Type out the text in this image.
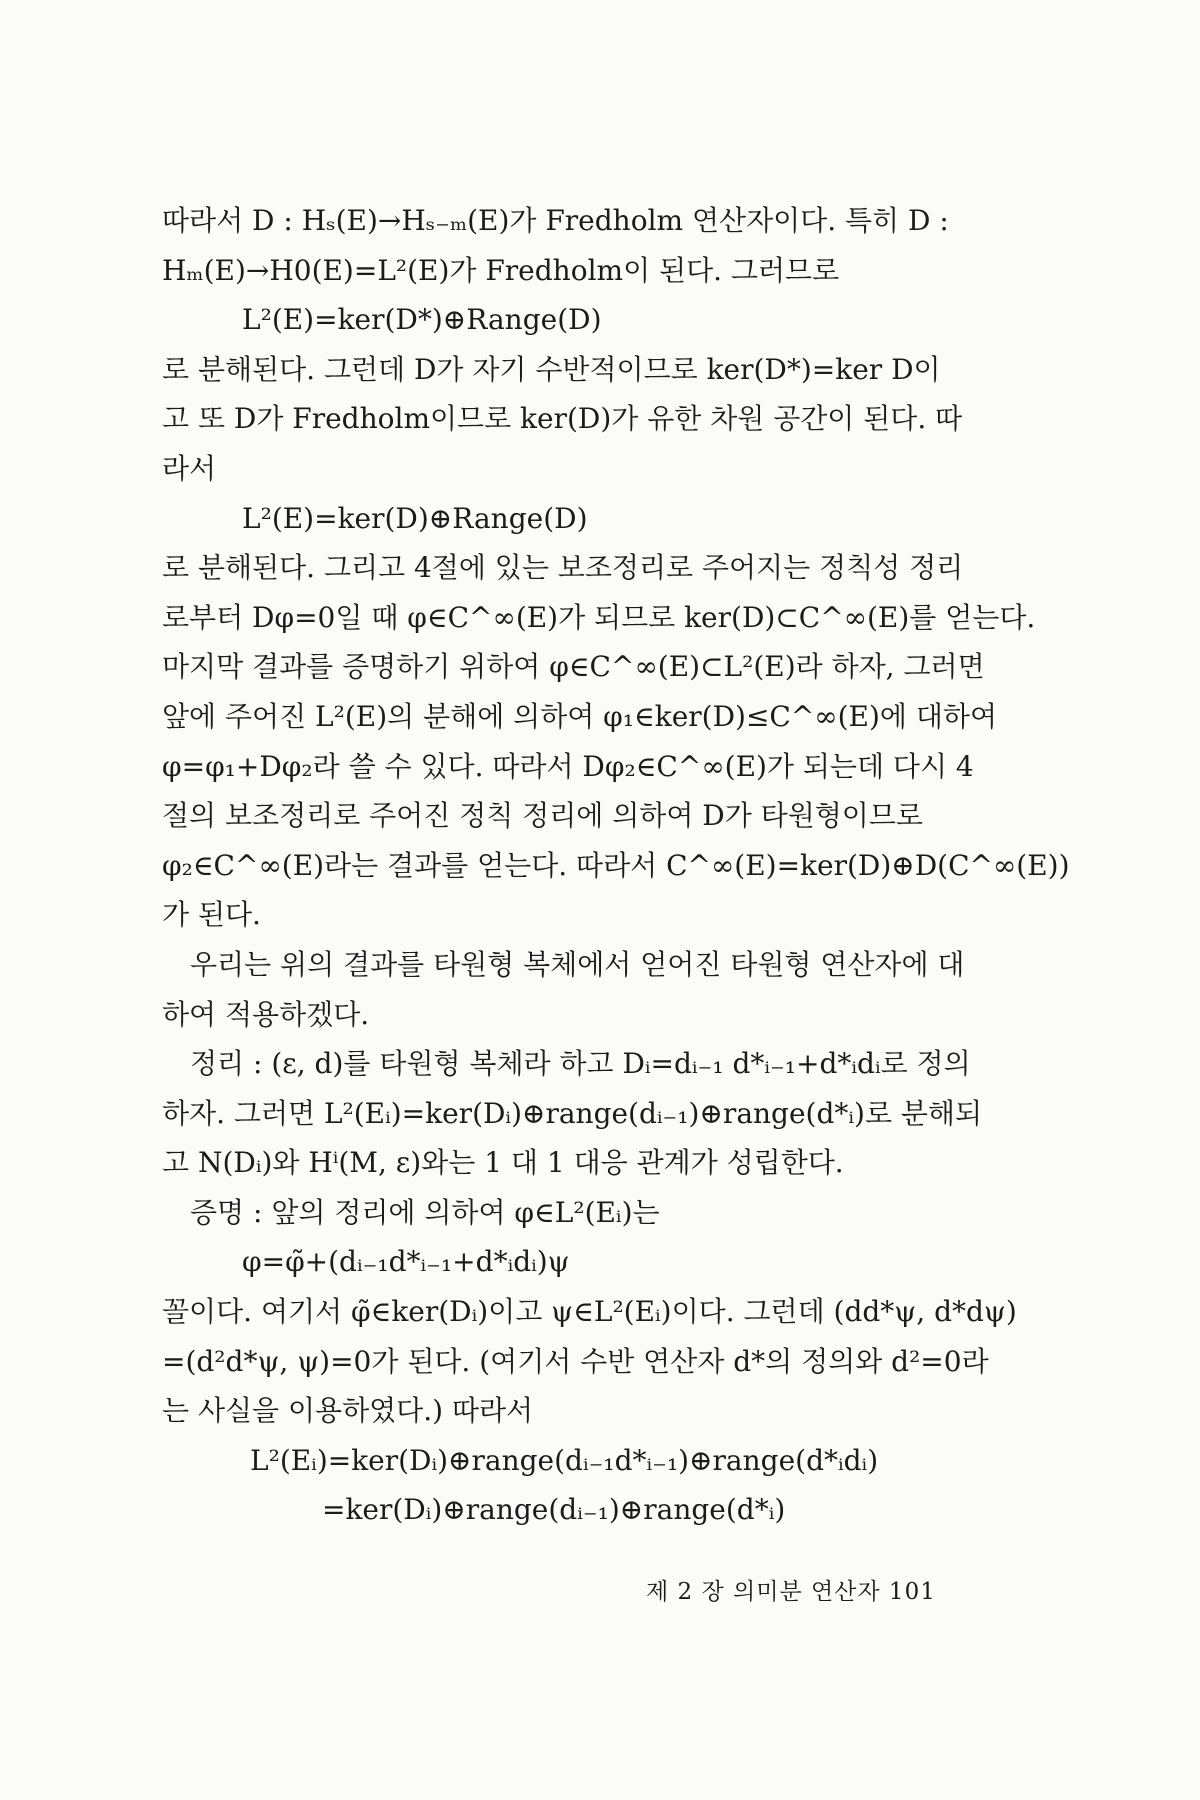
따라서 D : Hₛ(E)→Hₛ₋ₘ(E)가 Fredholm 연산자이다. 특히 D :
Hₘ(E)→H0(E)=L²(E)가 Fredholm이 된다. 그러므로
L²(E)=ker(D*)⊕Range(D)
로 분해된다. 그런데 D가 자기 수반적이므로 ker(D*)=ker D이
고 또 D가 Fredholm이므로 ker(D)가 유한 차원 공간이 된다. 따
라서
L²(E)=ker(D)⊕Range(D)
로 분해된다. 그리고 4절에 있는 보조정리로 주어지는 정칙성 정리
로부터 Dφ=0일 때 φ∈C^∞(E)가 되므로 ker(D)⊂C^∞(E)를 얻는다.
마지막 결과를 증명하기 위하여 φ∈C^∞(E)⊂L²(E)라 하자, 그러면
앞에 주어진 L²(E)의 분해에 의하여 φ₁∈ker(D)≤C^∞(E)에 대하여
φ=φ₁+Dφ₂라 쓸 수 있다. 따라서 Dφ₂∈C^∞(E)가 되는데 다시 4
절의 보조정리로 주어진 정칙 정리에 의하여 D가 타원형이므로
φ₂∈C^∞(E)라는 결과를 얻는다. 따라서 C^∞(E)=ker(D)⊕D(C^∞(E))
가 된다.
우리는 위의 결과를 타원형 복체에서 얻어진 타원형 연산자에 대
하여 적용하겠다.
정리 : (ε, d)를 타원형 복체라 하고 Dᵢ=dᵢ₋₁ d*ᵢ₋₁+d*ᵢdᵢ로 정의
하자. 그러면 L²(Eᵢ)=ker(Dᵢ)⊕range(dᵢ₋₁)⊕range(d*ᵢ)로 분해되
고 N(Dᵢ)와 Hⁱ(M, ε)와는 1 대 1 대응 관계가 성립한다.
증명 : 앞의 정리에 의하여 φ∈L²(Eᵢ)는
φ=φ̃+(dᵢ₋₁d*ᵢ₋₁+d*ᵢdᵢ)ψ
꼴이다. 여기서 φ̃∈ker(Dᵢ)이고 ψ∈L²(Eᵢ)이다. 그런데 (dd*ψ, d*dψ)
=(d²d*ψ, ψ)=0가 된다. (여기서 수반 연산자 d*의 정의와 d²=0라
는 사실을 이용하였다.) 따라서
L²(Eᵢ)=ker(Dᵢ)⊕range(dᵢ₋₁d*ᵢ₋₁)⊕range(d*ᵢdᵢ)
=ker(Dᵢ)⊕range(dᵢ₋₁)⊕range(d*ᵢ)
제 2 장 의미분 연산자 101
